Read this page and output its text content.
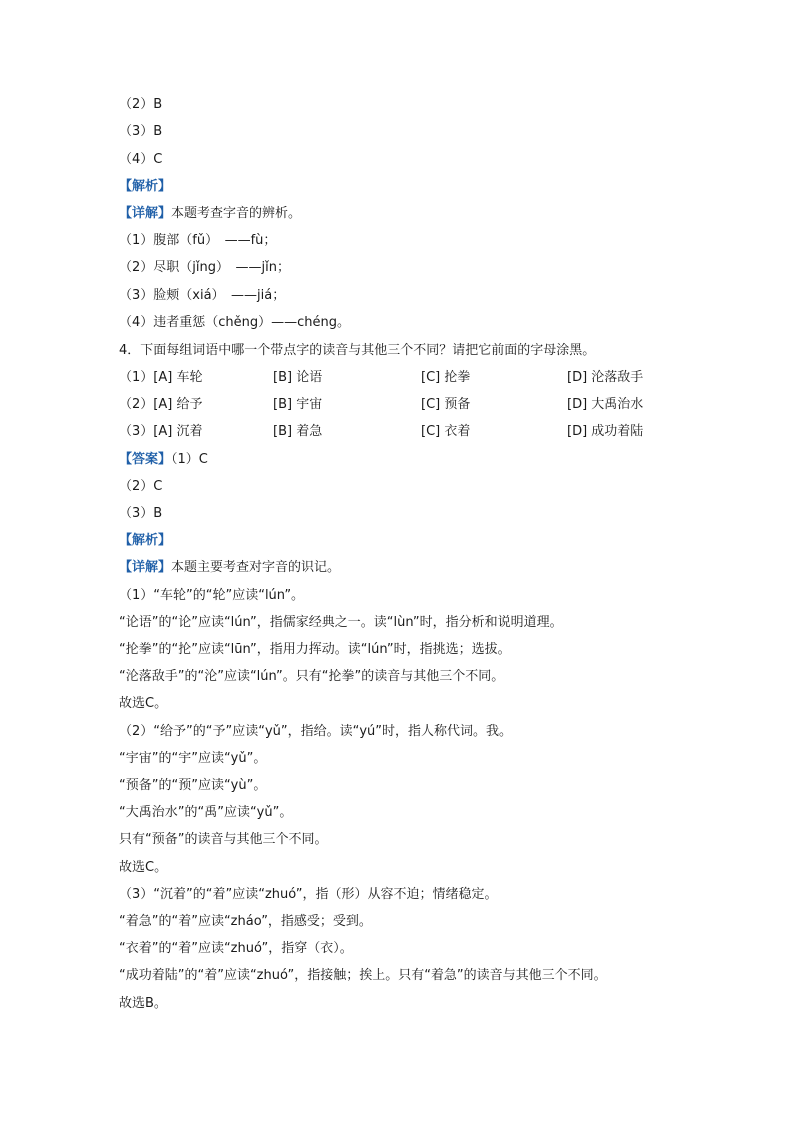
（2）B
（3）B
（4）C
【解析】
【详解】本题考查字音的辨析。
（1）腹部（fǔ）　——fù；
（2）尽职（jǐng）　——jǐn；
（3）脸颊（xiá）　——jiá；
（4）违者重惩（chěng）——chéng。
4．下面每组词语中哪一个带点字的读音与其他三个不同？请把它前面的字母涂黑。
（1）[A] 车轮	[B] 论语	[C] 抡拳	[D] 沦落敌手
（2）[A] 给予	[B] 宇宙	[C] 预备	[D] 大禹治水
（3）[A] 沉着	[B] 着急	[C] 衣着	[D] 成功着陆
【答案】（1）C
（2）C
（3）B
【解析】
【详解】本题主要考查对字音的识记。
（1）“车轮”的“轮”应读“lún”。
“论语”的“论”应读“lún”，指儒家经典之一。读“lùn”时，指分析和说明道理。
“抡拳”的“抡”应读“lūn”，指用力挥动。读“lún”时，指挑选；选拔。
“沦落敌手”的“沦”应读“lún”。只有“抡拳”的读音与其他三个不同。
故选C。
（2）“给予”的“予”应读“yǔ”，指给。读“yú”时，指人称代词。我。
“宇宙”的“宇”应读“yǔ”。
“预备”的“预”应读“yù”。
“大禹治水”的“禹”应读“yǔ”。
只有“预备”的读音与其他三个不同。
故选C。
（3）“沉着”的“着”应读“zhuó”，指（形）从容不迫；情绪稳定。
“着急”的“着”应读“zháo”，指感受；受到。
“衣着”的“着”应读“zhuó”，指穿（衣）。
“成功着陆”的“着”应读“zhuó”，指接触；挨上。只有“着急”的读音与其他三个不同。
故选B。
